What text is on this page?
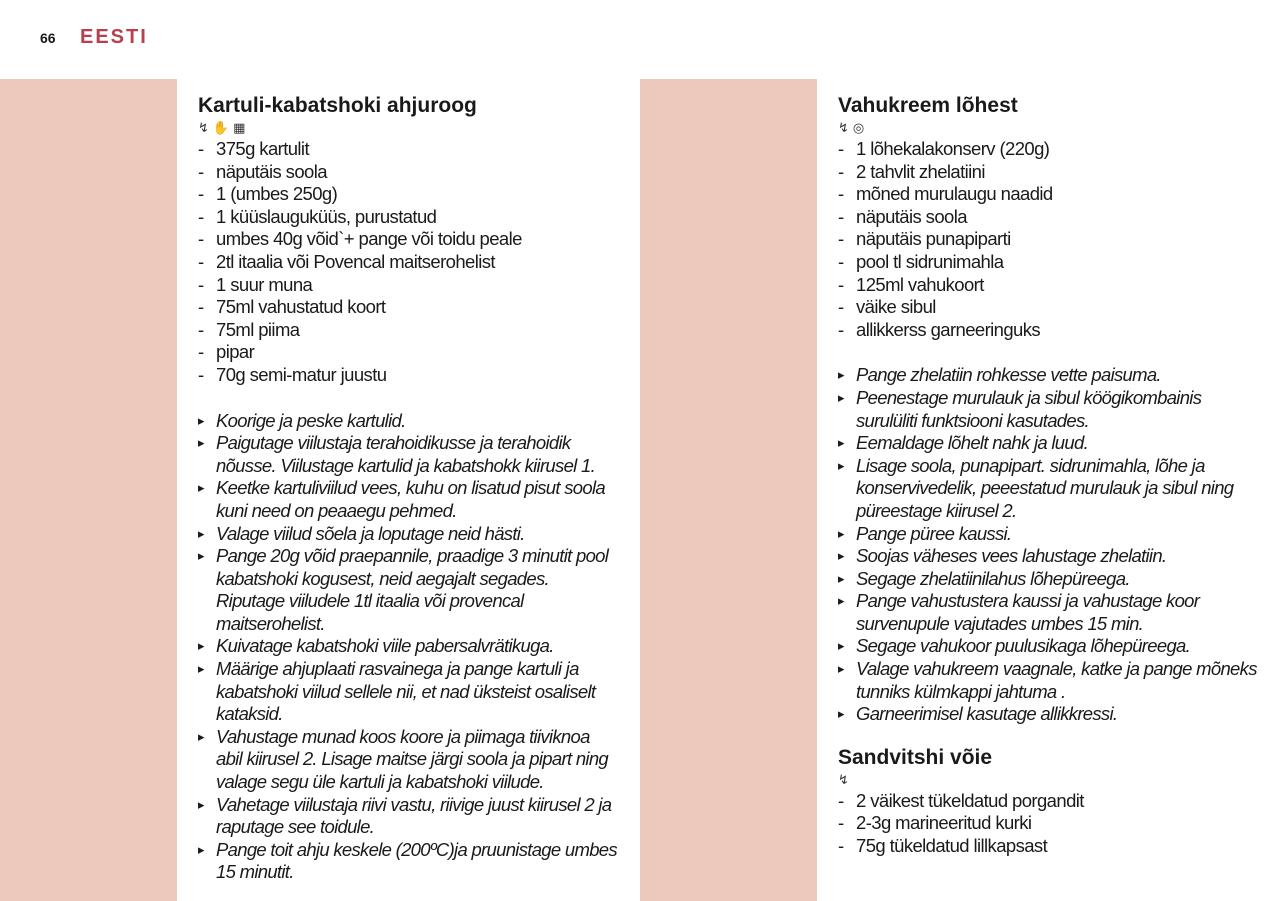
66 EESTI
Kartuli-kabatshoki ahjuroog
↯ ✋ ▦
- 375g kartulit
- näputäis soola
- 1 (umbes 250g)
- 1 küüslauguküüs, purustatud
- umbes 40g võid`+ pange või toidu peale
- 2tl itaalia või Povencal maitserohelist
- 1 suur muna
- 75ml vahustatud koort
- 75ml piima
- pipar
- 70g semi-matur juustu
▸ Koorige ja peske kartulid.
▸ Paigutage viilustaja terahoidikusse ja terahoidik nõusse. Viilustage kartulid ja kabatshokk kiirusel 1.
▸ Keetke kartuliviilud vees, kuhu on lisatud pisut soola kuni need on peaaegu pehmed.
▸ Valage viilud sõela ja loputage neid hästi.
▸ Pange 20g võid praepannile, praadige 3 minutit pool kabatshoki kogusest, neid aegajalt segades. Riputage viiludele 1tl itaalia või provencal maitserohelist.
▸ Kuivatage kabatshoki viile pabersalvrätikuga.
▸ Määrige ahjuplaati rasvainega ja pange kartuli ja kabatshoki viilud sellele nii, et nad üksteist osaliselt kataksid.
▸ Vahustage munad koos koore ja piimaga tiiviknoa abil kiirusel 2. Lisage maitse järgi soola ja pipart ning valage segu üle kartuli ja kabatshoki viilude.
▸ Vahetage viilustaja riivi vastu, riivige juust kiirusel 2 ja raputage see toidule.
▸ Pange toit ahju keskele (200ºC)ja pruunistage umbes 15 minutit.
Vahukreem lõhest
↯ ◎
- 1 lõhekalakonserv (220g)
- 2 tahvlit zhelatiini
- mõned murulaugu naadid
- näputäis soola
- näputäis punapiparti
- pool tl sidrunimahla
- 125ml vahukoort
- väike sibul
- allikkerss garneeringuks
▸ Pange zhelatiin rohkesse vette paisuma.
▸ Peenestage murulauk ja sibul köögikombainis surulüliti funktsiooni kasutades.
▸ Eemaldage lõhelt nahk ja luud.
▸ Lisage soola, punapipart. sidrunimahla, lõhe ja konservivedelik, peeestatud murulauk ja sibul ning püreestage kiirusel 2.
▸ Pange püree kaussi.
▸ Soojas väheses vees lahustage zhelatiin.
▸ Segage zhelatiinilahus lõhepüreega.
▸ Pange vahustustera kaussi ja vahustage koor survenupule vajutades umbes 15 min.
▸ Segage vahukoor puulusikaga lõhepüreega.
▸ Valage vahukreem vaagnale, katke ja pange mõneks tunniks külmkappi jahtuma .
▸ Garneerimisel kasutage allikkressi.
Sandvitshi võie
↯
- 2 väikest tükeldatud porgandit
- 2-3g marineeritud kurki
- 75g tükeldatud lillkapsast
